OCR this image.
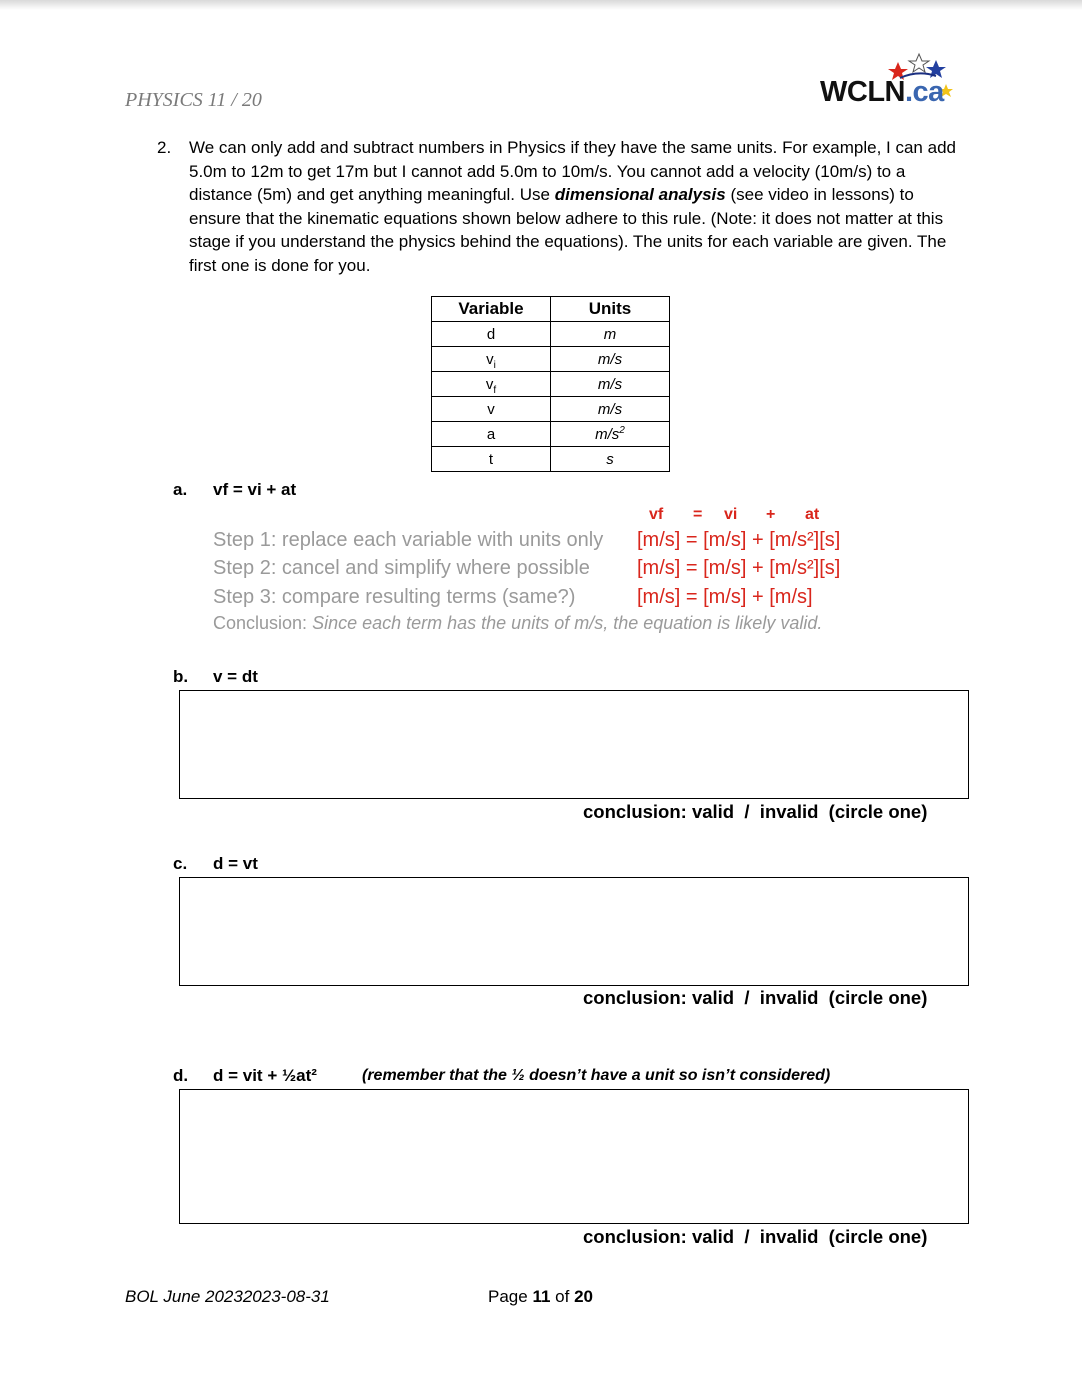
PHYSICS 11 / 20	WCLN.ca
2. We can only add and subtract numbers in Physics if they have the same units. For example, I can add 5.0m to 12m to get 17m but I cannot add 5.0m to 10m/s. You cannot add a velocity (10m/s) to a distance (5m) and get anything meaningful. Use dimensional analysis (see video in lessons) to ensure that the kinematic equations shown below adhere to this rule. (Note: it does not matter at this stage if you understand the physics behind the equations). The units for each variable are given. The first one is done for you.

Variable	Units
d	m
$v_i$	m/s
$v_f$	m/s
v	m/s
a	$m/s^2$
t	s
a. vf = vi + at
vf = vi + at
Step 1: replace each variable with units only [m/s] = [m/s] + [m/s²][s]
Step 2: cancel and simplify where possible [m/s] = [m/s] + [m/s²][s]
Step 3: compare resulting terms (same?)	[m/s] = [m/s] + [m/s]
Conclusion: Since each term has the units of m/s, the equation is likely valid.
b. v = dt
conclusion: valid  /  invalid  (circle one)
c. d = vt
conclusion: valid  /  invalid  (circle one)
d. d = vit + ½at²	(remember that the ½ doesn’t have a unit so isn’t considered)
conclusion: valid  /  invalid  (circle one)
BOL June 20232023-08-31	Page 11 of 20
